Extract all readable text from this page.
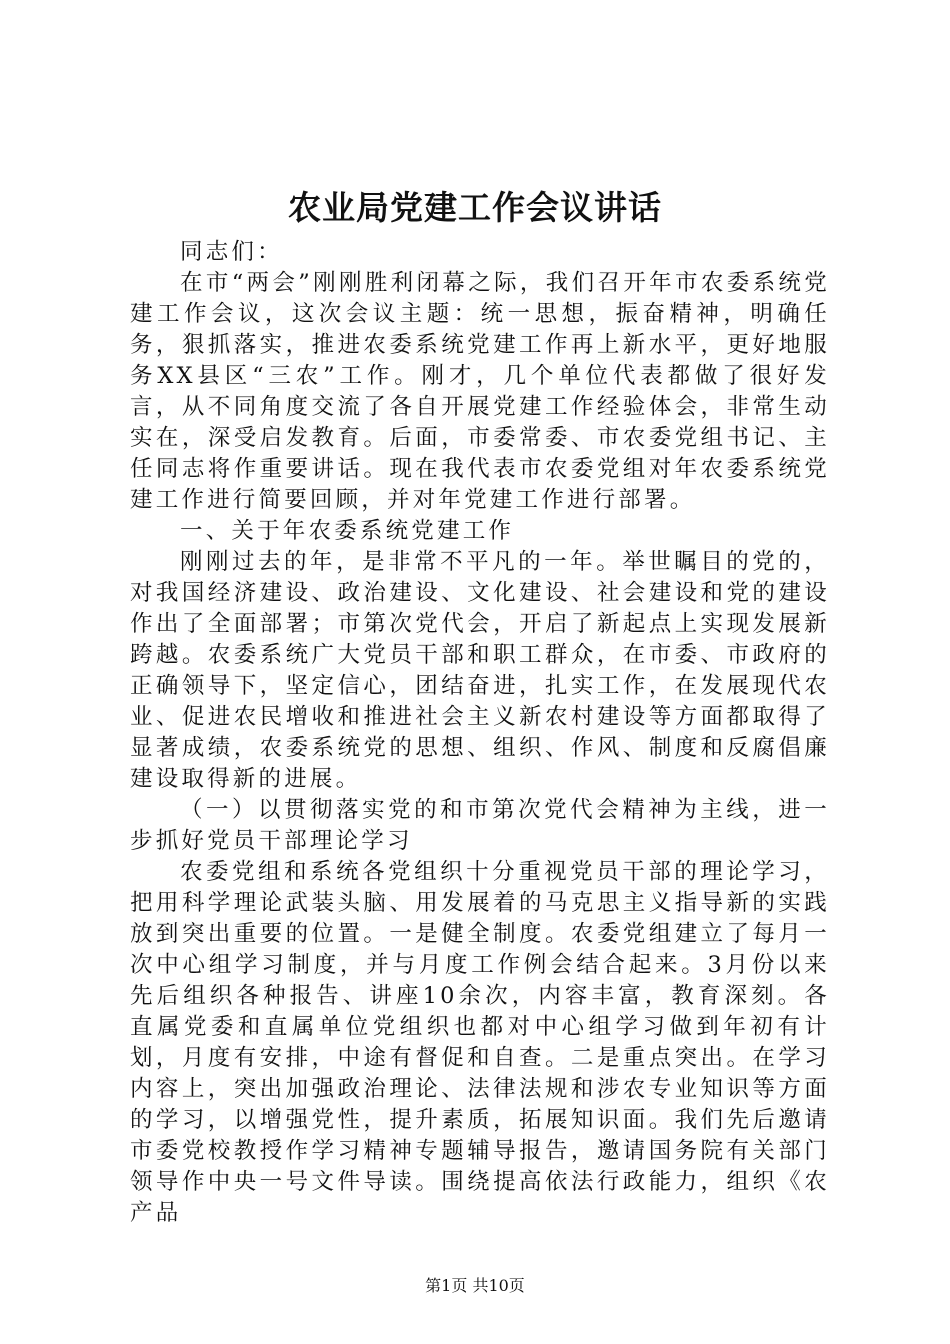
农业局党建工作会议讲话

同志们：

在市“两会”刚刚胜利闭幕之际，我们召开年市农委系统党建工作会议，这次会议主题：统一思想，振奋精神，明确任务，狠抓落实，推进农委系统党建工作再上新水平，更好地服务XX县区“三农”工作。刚才，几个单位代表都做了很好发言，从不同角度交流了各自开展党建工作经验体会，非常生动实在，深受启发教育。后面，市委常委、市农委党组书记、主任同志将作重要讲话。现在我代表市农委党组对年农委系统党建工作进行简要回顾，并对年党建工作进行部署。

一、关于年农委系统党建工作

刚刚过去的年，是非常不平凡的一年。举世瞩目的党的，对我国经济建设、政治建设、文化建设、社会建设和党的建设作出了全面部署；市第次党代会，开启了新起点上实现发展新跨越。农委系统广大党员干部和职工群众，在市委、市政府的正确领导下，坚定信心，团结奋进，扎实工作，在发展现代农业、促进农民增收和推进社会主义新农村建设等方面都取得了显著成绩，农委系统党的思想、组织、作风、制度和反腐倡廉建设取得新的进展。

（一）以贯彻落实党的和市第次党代会精神为主线，进一步抓好党员干部理论学习

农委党组和系统各党组织十分重视党员干部的理论学习，把用科学理论武装头脑、用发展着的马克思主义指导新的实践放到突出重要的位置。一是健全制度。农委党组建立了每月一次中心组学习制度，并与月度工作例会结合起来。3月份以来先后组织各种报告、讲座10余次，内容丰富，教育深刻。各直属党委和直属单位党组织也都对中心组学习做到年初有计划，月度有安排，中途有督促和自查。二是重点突出。在学习内容上，突出加强政治理论、法律法规和涉农专业知识等方面的学习，以增强党性，提升素质，拓展知识面。我们先后邀请市委党校教授作学习精神专题辅导报告，邀请国务院有关部门领导作中央一号文件导读。围绕提高依法行政能力，组织《农产品

第1页 共10页
